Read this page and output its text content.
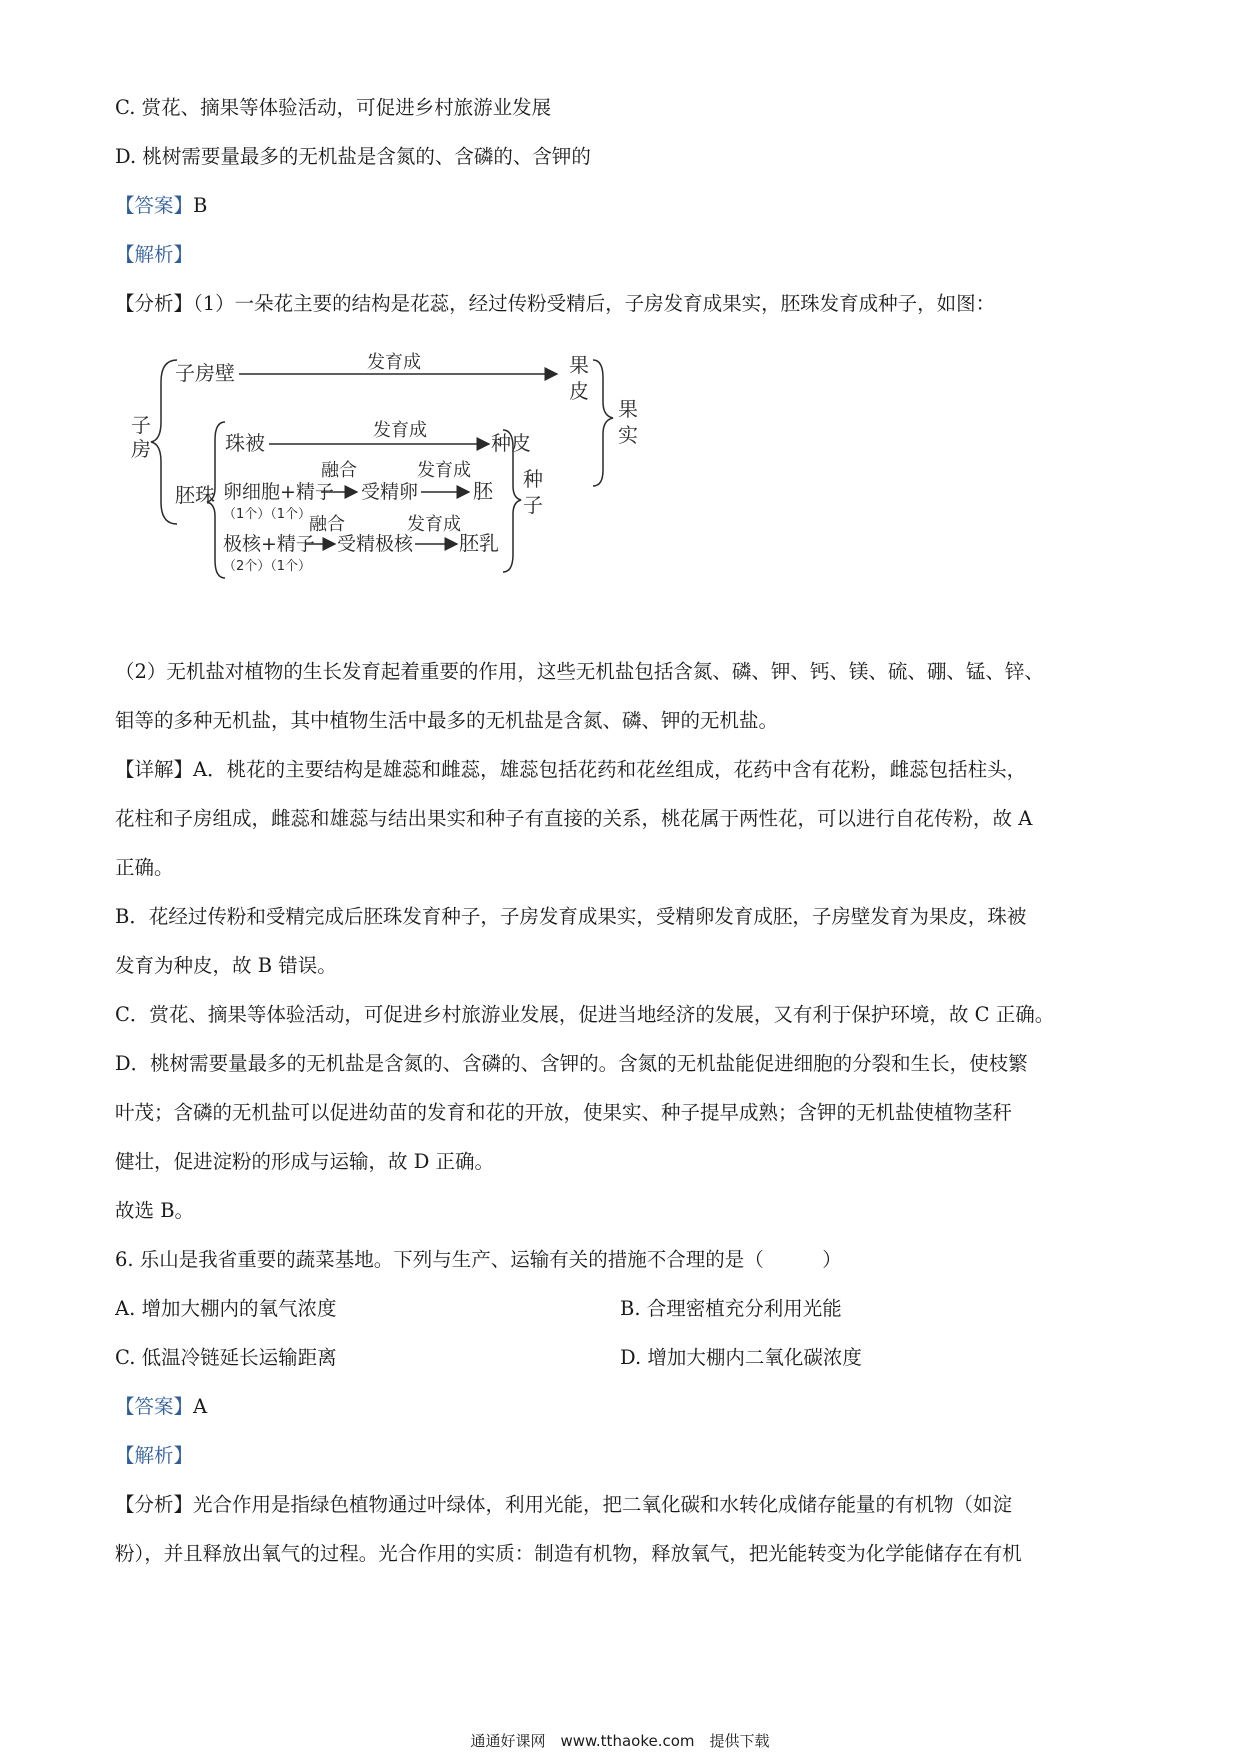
C. 赏花、摘果等体验活动，可促进乡村旅游业发展
D. 桃树需要量最多的无机盐是含氮的、含磷的、含钾的
【答案】B
【解析】
【分析】（1）一朵花主要的结构是花蕊，经过传粉受精后，子房发育成果实，胚珠发育成种子，如图：
子
房
子房壁	发育成	果
皮
果
实
胚珠
珠被
发育成
种皮
卵细胞+精子
（1个）（1个）
融合
受精卵
发育成
胚 种
子
极核+精子
（2个）（1个）
融合
受精极核
发育成
胚乳
（2）无机盐对植物的生长发育起着重要的作用，这些无机盐包括含氮、磷、钾、钙、镁、硫、硼、锰、锌、
钼等的多种无机盐，其中植物生活中最多的无机盐是含氮、磷、钾的无机盐。
【详解】A．桃花的主要结构是雄蕊和雌蕊，雄蕊包括花药和花丝组成，花药中含有花粉，雌蕊包括柱头，
花柱和子房组成，雌蕊和雄蕊与结出果实和种子有直接的关系，桃花属于两性花，可以进行自花传粉，故 A
正确。
B．花经过传粉和受精完成后胚珠发育种子，子房发育成果实，受精卵发育成胚，子房壁发育为果皮，珠被
发育为种皮，故 B 错误。
C．赏花、摘果等体验活动，可促进乡村旅游业发展，促进当地经济的发展，又有利于保护环境，故 C 正确。
D．桃树需要量最多的无机盐是含氮的、含磷的、含钾的。含氮的无机盐能促进细胞的分裂和生长，使枝繁
叶茂；含磷的无机盐可以促进幼苗的发育和花的开放，使果实、种子提早成熟；含钾的无机盐使植物茎秆
健壮，促进淀粉的形成与运输，故 D 正确。
故选 B。
6. 乐山是我省重要的蔬菜基地。下列与生产、运输有关的措施不合理的是（　　　）
A. 增加大棚内的氧气浓度	B. 合理密植充分利用光能
C. 低温冷链延长运输距离	D. 增加大棚内二氧化碳浓度
【答案】A
【解析】
【分析】光合作用是指绿色植物通过叶绿体，利用光能，把二氧化碳和水转化成储存能量的有机物（如淀
粉），并且释放出氧气的过程。光合作用的实质：制造有机物，释放氧气，把光能转变为化学能储存在有机
通通好课网　www.tthaoke.com　提供下载
